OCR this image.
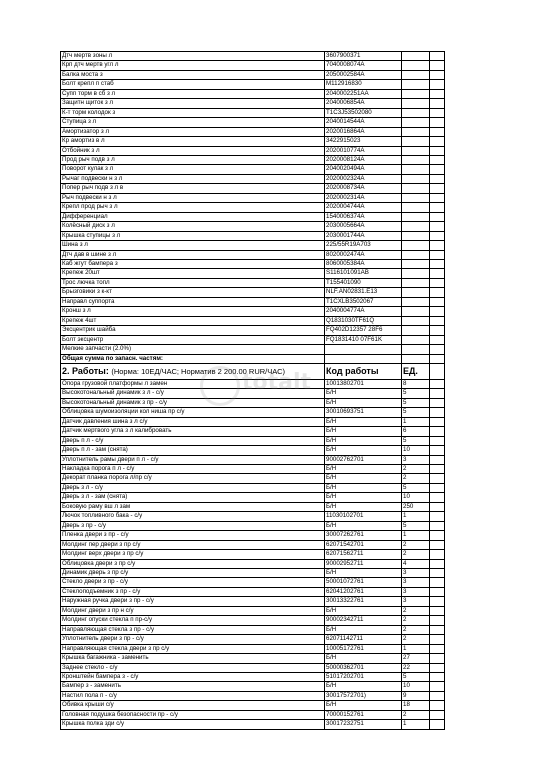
Дтч мертв зоны л	3607900371		
Крп дтч мертв угл л	7040008074A		
Балка моста з	2050002584A		
Болт крепл п стаб	M112916830		
Супп торм в сб з л	2040002251AA		
Защитн щиток з л	2040006854A		
К-т торм колодок з	T1C3J53502080		
Ступица з л	2040014544A		
Амортизатор з л	2020016864A		
Кр амортиз в л	3422915023		
Отбойник з л	2020010774A		
Прод рыч подв з л	2020008124A		
Поворот кулак з л	2040020494A		
Рычаг подвески н з л	2020002324A		
Попер рыч подв з л в	2020008734A		
Рыч подвески н з л	2020002314A		
Крепл прод рыч з л	2020004744A		
Дифференциал	1540006374A		
Колёсный диск з л	2030005664A		
Крышка ступицы з л	2030001744A		
Шина з л	225/55R19A703		
Дтч дав в шине з л	8020002474A		
Каб жгут бампера з	8060005384A		
Крепеж 20шт	S116101091AB		
Трос лючка топл	T155401090		
Брызговики з к-кт	NLF.AN02831.E13		
Направл суппорта	T1CXLB3502067		
Кронш з л	2040004774A		
Крепеж 4шт	Q1831030TF61Q		
Эксцентрик шайба	FQ402D12357 28F6		
Болт эксцентр	FQ1831410 07F61K		
Мелкие запчасти (2.0%)			
Общая сумма по запасн. частям:			
2. Работы: (Норма: 10ЕД/ЧАС; Норматив 2 200.00 RUR/ЧАС)	Код работы	ЕД.	
Опора грузовой платформы л замен	10013802701	8	
Высокотональный динамик з л - с/у	Б/Н	5	
Высокотональный динамик з пр - с/у	Б/Н	5	
Облицовка шумоизоляции кол ниша пр с/у	30010693751	5	
Датчик давления шина з л с/у	Б/Н	1	
Датчик мертвого угла з л калибровать	Б/Н	6	
Дверь п л - с/у	Б/Н	5	
Дверь п л - зам (снята)	Б/Н	10	
Уплотнитель рамы двери п л - с/у	90002762701	3	
Накладка порога п л - с/у	Б/Н	2	
Декорат планка порога л/пр с/у	Б/Н	2	
Дверь з л - с/у	Б/Н	5	
Дверь з л - зам (снята)	Б/Н	10	
Боковую раму вш л зам	Б/Н	250	
Лючок топливного бака - с/у	11030102701	1	
Дверь з пр - с/у	Б/Н	5	
Пленка двери з пр - с/у	30007262761	1	
Молдинг пер двери з пр с/у	62071542701	2	
Молдинг верх двери з пр с/у	62071562711	2	
Облицовка двери з пр с/у	90002952711	4	
Динамик дверь з пр с/у	Б/Н	3	
Стекло двери з пр - с/у	50001072761	3	
Стеклоподъемник з пр - с/у	62041202761	3	
Наружная ручка двери з пр - с/у	30013322761	3	
Молдинг двери з пр н с/у	Б/Н	2	
Молдинг опуски стекла п пр-с/у	90002342711	2	
Направляющая стекла з пр - с/у	Б/Н	2	
Уплотнитель двери з пр - с/у	62071142711	2	
Направляющая стекла двери з пр с/у	10005172761	1	
Крышка багажника - заменить	Б/Н	27	
Заднее стекло - с/у	50000362701	22	
Кронштейн бампера з - с/у	51017202701	5	
Бампер з - заменить	Б/Н	10	
Настил пола п - с/у	30017572701)	9	
Обивка крыши с/у	Б/Н	18	
Головная подушка безопасности пр - с/у	70000152761	2	
Крышка полка зди с/у	30017232751	1	
totalt
